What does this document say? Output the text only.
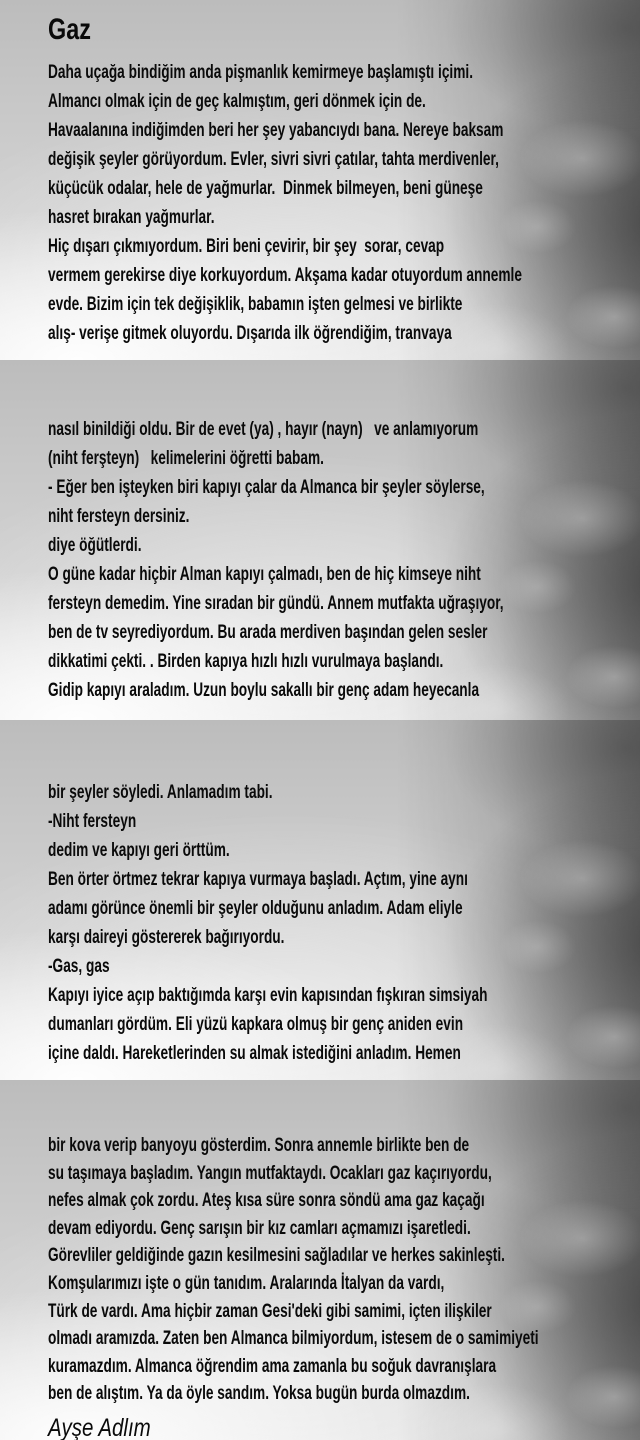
Gaz
Daha uçağa bindiğim anda pişmanlık kemirmeye başlamıştı içimi.
Almancı olmak için de geç kalmıştım, geri dönmek için de.
Havaalanına indiğimden beri her şey yabancıydı bana. Nereye baksam
değişik şeyler görüyordum. Evler, sivri sivri çatılar, tahta merdivenler,
küçücük odalar, hele de yağmurlar.  Dinmek bilmeyen, beni güneşe
hasret bırakan yağmurlar.
Hiç dışarı çıkmıyordum. Biri beni çevirir, bir şey  sorar, cevap
vermem gerekirse diye korkuyordum. Akşama kadar otuyordum annemle
evde. Bizim için tek değişiklik, babamın işten gelmesi ve birlikte
alış- verişe gitmek oluyordu. Dışarıda ilk öğrendiğim, tranvaya
nasıl binildiği oldu. Bir de evet (ya) , hayır (nayn)   ve anlamıyorum
(niht ferşteyn)   kelimelerini öğretti babam.
- Eğer ben işteyken biri kapıyı çalar da Almanca bir şeyler söylerse,
niht fersteyn dersiniz.
diye öğütlerdi.
O güne kadar hiçbir Alman kapıyı çalmadı, ben de hiç kimseye niht
fersteyn demedim. Yine sıradan bir gündü. Annem mutfakta uğraşıyor,
ben de tv seyrediyordum. Bu arada merdiven başından gelen sesler
dikkatimi çekti. . Birden kapıya hızlı hızlı vurulmaya başlandı.
Gidip kapıyı araladım. Uzun boylu sakallı bir genç adam heyecanla
bir şeyler söyledi. Anlamadım tabi.
-Niht fersteyn
dedim ve kapıyı geri örttüm.
Ben örter örtmez tekrar kapıya vurmaya başladı. Açtım, yine aynı
adamı görünce önemli bir şeyler olduğunu anladım. Adam eliyle
karşı daireyi göstererek bağırıyordu.
-Gas, gas
Kapıyı iyice açıp baktığımda karşı evin kapısından fışkıran simsiyah
dumanları gördüm. Eli yüzü kapkara olmuş bir genç aniden evin
içine daldı. Hareketlerinden su almak istediğini anladım. Hemen
bir kova verip banyoyu gösterdim. Sonra annemle birlikte ben de
su taşımaya başladım. Yangın mutfaktaydı. Ocakları gaz kaçırıyordu,
nefes almak çok zordu. Ateş kısa süre sonra söndü ama gaz kaçağı
devam ediyordu. Genç sarışın bir kız camları açmamızı işaretledi.
Görevliler geldiğinde gazın kesilmesini sağladılar ve herkes sakinleşti.
Komşularımızı işte o gün tanıdım. Aralarında İtalyan da vardı,
Türk de vardı. Ama hiçbir zaman Gesi'deki gibi samimi, içten ilişkiler
olmadı aramızda. Zaten ben Almanca bilmiyordum, istesem de o samimiyeti
kuramazdım. Almanca öğrendim ama zamanla bu soğuk davranışlara
ben de alıştım. Ya da öyle sandım. Yoksa bugün burda olmazdım.
Ayşe Adlım
